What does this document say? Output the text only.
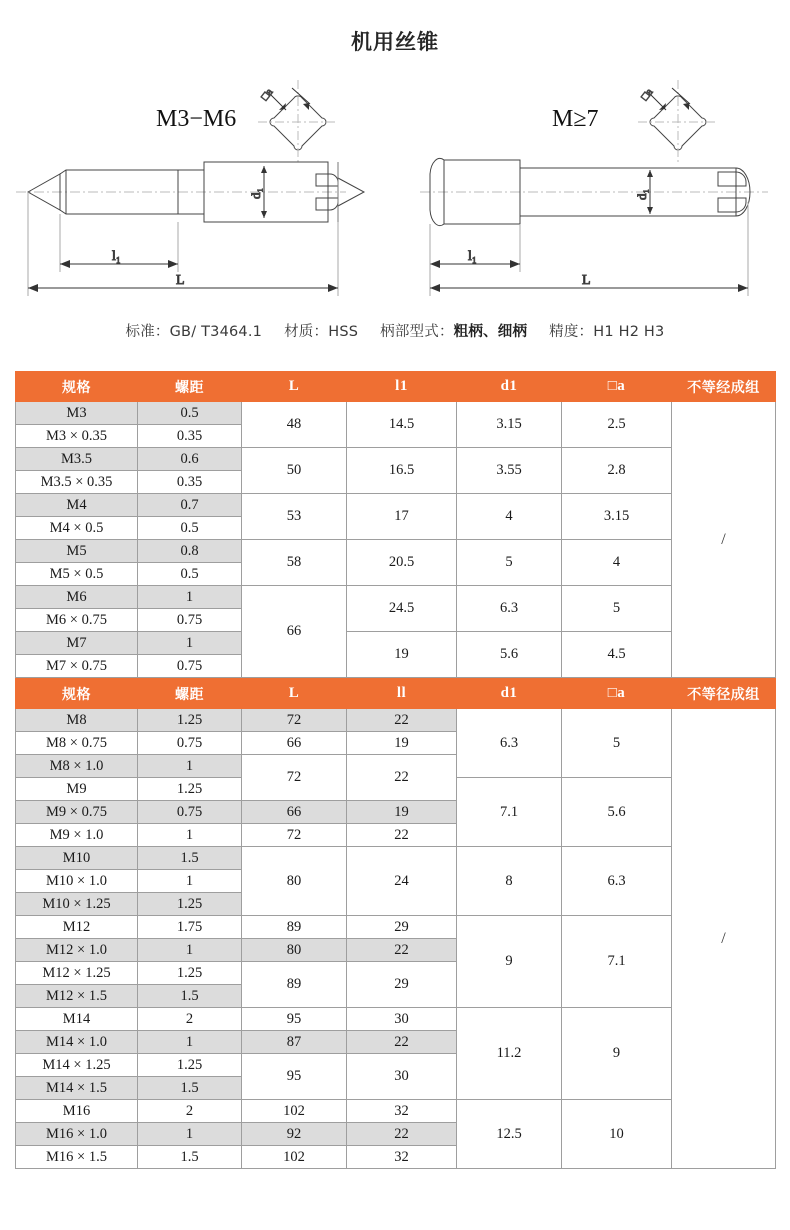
机用丝锥
M3−M6
□a
d₁
l₁
L
M≥7
□a
d₁
l₁
L
标准：GB/ T3464.1 材质：HSS 柄部型式：粗柄、细柄 精度：H1 H2 H3
规格	螺距	L	l1	d1	□a	不等经成组
M3	0.5	48	14.5	3.15	2.5	/
M3 × 0.35	0.35					
M3.5	0.6	50	16.5	3.55	2.8	
M3.5 × 0.35	0.35					
M4	0.7	53	17	4	3.15	
M4 × 0.5	0.5					
M5	0.8	58	20.5	5	4	
M5 × 0.5	0.5					
M6	1	66	24.5	6.3	5	
M6 × 0.75	0.75					
M7	1		19	5.6	4.5	
M7 × 0.75	0.75					
规格	螺距	L	ll	d1	□a	不等径成组
M8	1.25	72	22	6.3	5	/
M8 × 0.75	0.75	66	19			
M8 × 1.0	1	72	22			
M9	1.25			7.1	5.6	
M9 × 0.75	0.75	66	19			
M9 × 1.0	1	72	22			
M10	1.5	80	24	8	6.3	
M10 × 1.0	1					
M10 × 1.25	1.25					
M12	1.75	89	29	9	7.1	
M12 × 1.0	1	80	22			
M12 × 1.25	1.25	89	29			
M12 × 1.5	1.5					
M14	2	95	30	11.2	9	
M14 × 1.0	1	87	22			
M14 × 1.25	1.25	95	30			
M14 × 1.5	1.5					
M16	2	102	32	12.5	10	
M16 × 1.0	1	92	22			
M16 × 1.5	1.5	102	32			
